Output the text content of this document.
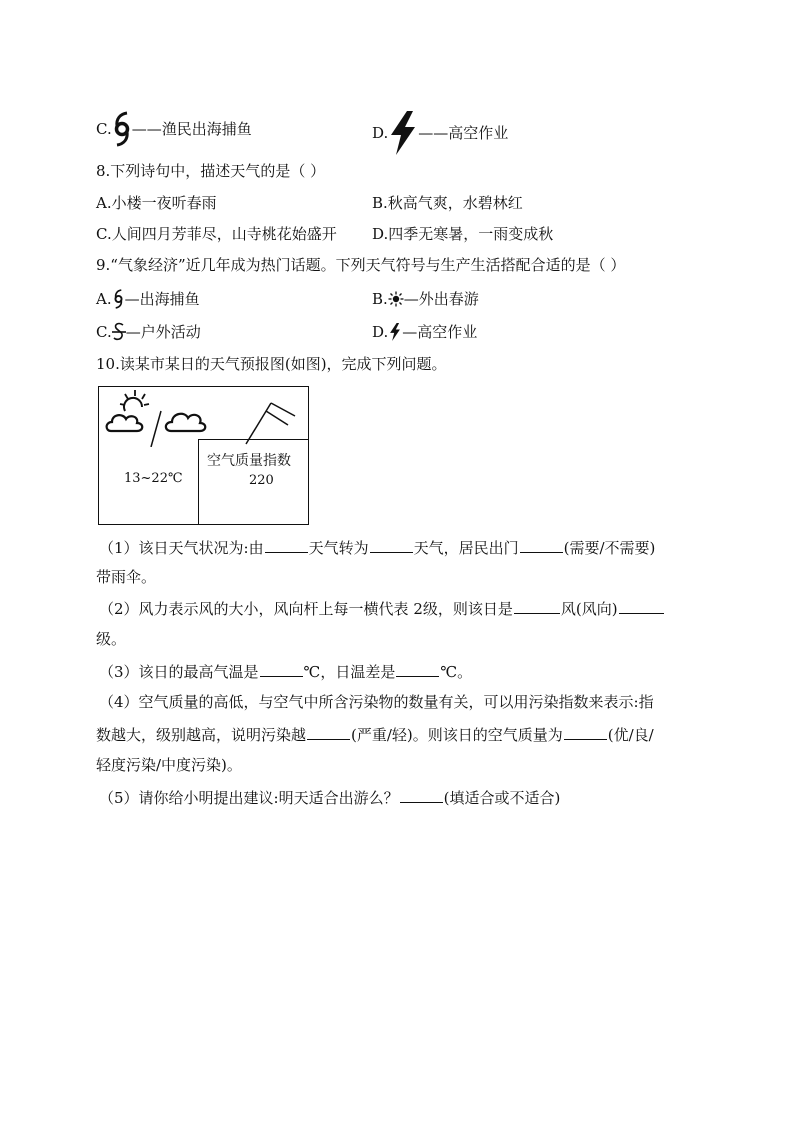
C. ——渔民出海捕鱼	D. ——高空作业
8.下列诗句中，描述天气的是（ ）
A.小楼一夜听春雨	B.秋高气爽，水碧林红
C.人间四月芳菲尽，山寺桃花始盛开 D.四季无寒暑，一雨变成秋
9.“气象经济”近几年成为热门话题。下列天气符号与生产生活搭配合适的是（ ）
A. —出海捕鱼	B. —外出春游
C. —户外活动	D. —高空作业
10.读某市某日的天气预报图(如图)，完成下列问题。
13~22℃
空气质量指数
220
（1）该日天气状况为:由	天气转为	天气，居民出门	(需要/不需要)
带雨伞。
（2）风力表示风的大小，风向杆上每一横代表 2级，则该日是	风(风向)
级。
（3）该日的最高气温是	℃，日温差是	℃。
（4）空气质量的高低，与空气中所含污染物的数量有关，可以用污染指数来表示:指
数越大，级别越高，说明污染越	(严重/轻)。则该日的空气质量为	(优/良/
轻度污染/中度污染)。
（5）请你给小明提出建议:明天适合出游么？	(填适合或不适合)
